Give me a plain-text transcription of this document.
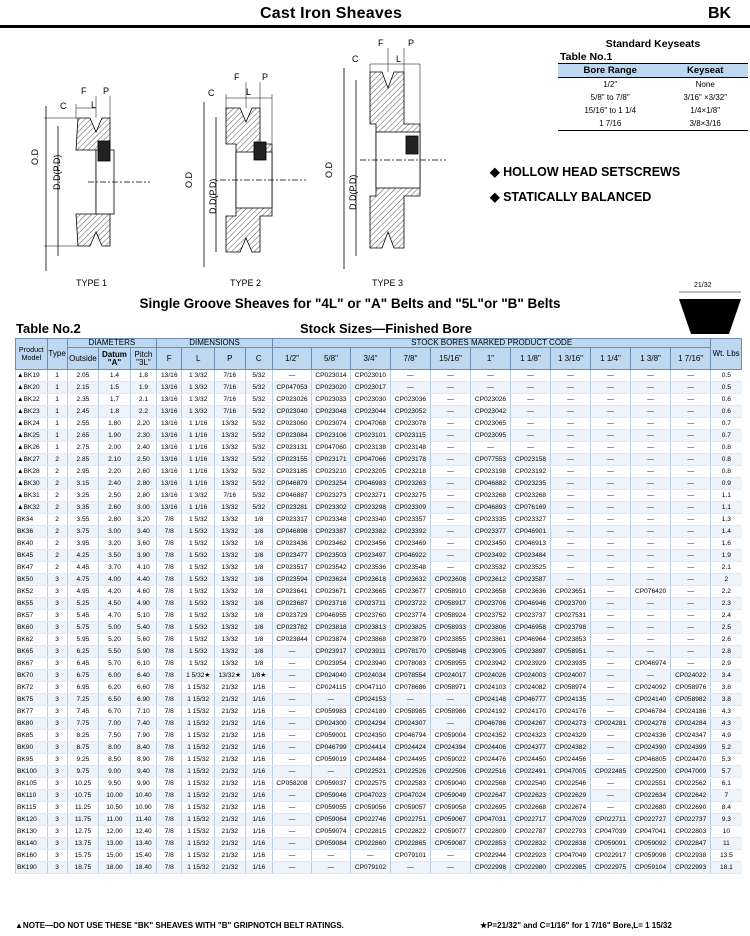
Cast Iron Sheaves	BK
C	L
F P
O.D D.D(P.D)
TYPE 1
C	L
F	P
O.D D.D(P.D)
TYPE 2
C	L
F	P
O.D
D.D(P.D)
TYPE 3
Standard Keyseats
Table No.1
Bore Range	Keyseat
1/2"	None
5/8" to 7/8"	3/16" ×3/32"
15/16" to 1 1/4	1/4×1/8"
1 7/16	3/8×3/16
◆ HOLLOW HEAD SETSCREWS
◆ STATICALLY BALANCED
Single Groove Sheaves for "4L" or "A" Belts and "5L"or "B" Belts
21/32
Table No.2	Stock Sizes—Finished Bore
Product Model	Type	DIAMETERS			DIMENSIONS				STOCK BORES MARKED PRODUCT CODE											Wt. Lbs
		Outside	Datum "A"	Pitch "3L"	F	L	P	C	1/2"	5/8"	3/4"	7/8"	15/16"	1"	1 1/8"	1 3/16"	1 1/4"	1 3/8"	1 7/16"	
▲BK19	1	2.05	1.4	1.8	13/16	1 3/32	7/16	5/32	—	CP023014	CP023010	—	—	—	—	—	—	—	—	0.5
▲BK20	1	2.15	1.5	1.9	13/16	1 3/32	7/16	5/32	CP047053	CP023020	CP023017	—	—	—	—	—	—	—	—	0.5
▲BK22	1	2.35	1.7	2.1	13/16	1 3/32	7/16	5/32	CP023026	CP023033	CP023030	CP023036	—	CP023026	—	—	—	—	—	0.6
▲BK23	1	2.45	1.8	2.2	13/16	1 3/32	7/16	5/32	CP023040	CP023048	CP023044	CP023052	—	CP023042	—	—	—	—	—	0.6
▲BK24	1	2.55	1.80	2.20	13/16	1 1/16	13/32	5/32	CP023060	CP023074	CP047068	CP023078	—	CP023065	—	—	—	—	—	0.7
▲BK25	1	2.65	1.90	2.30	13/16	1 1/16	13/32	5/32	CP023084	CP023106	CP023101	CP023115	—	CP023095	—	—	—	—	—	0.7
▲BK26	1	2.75	2.00	2.40	13/16	1 1/16	13/32	5/32	CP023131	CP047060	CP023138	CP023148	—	—	—	—	—	—	—	0.8
▲BK27	2	2.85	2.10	2.50	13/16	1 1/16	13/32	5/32	CP023155	CP023171	CP047066	CP023178	—	CP077553	CP023158	—	—	—	—	0.8
▲BK28	2	2.95	2.20	2.60	13/16	1 1/16	13/32	5/32	CP023185	CP023210	CP023205	CP023218	—	CP023198	CP023192	—	—	—	—	0.8
▲BK30	2	3.15	2.40	2.80	13/16	1 1/16	13/32	5/32	CP046879	CP023254	CP046983	CP023263	—	CP046882	CP023235	—	—	—	—	0.9
▲BK31	2	3.25	2.50	2.80	13/16	1 3/32	7/16	5/32	CP046887	CP023273	CP023271	CP023275	—	CP023268	CP023268	—	—	—	—	1.1
▲BK32	2	3.35	2.60	3.00	13/16	1 1/16	13/32	5/32	CP023281	CP023302	CP023298	CP023309	—	CP046893	CP076169	—	—	—	—	1.1
BK34	2	3.55	2.80	3.20	7/8	1 5/32	13/32	1/8	CP023317	CP023348	CP023340	CP023357	—	CP023335	CP023327	—	—	—	—	1.3
BK36	2	3.75	3.00	3.40	7/8	1 5/32	13/32	1/8	CP046898	CP023387	CP023382	CP023392	—	CP023377	CP046901	—	—	—	—	1.4
BK40	2	3.95	3.20	3.60	7/8	1 5/32	13/32	1/8	CP023436	CP023462	CP023456	CP023469	—	CP023450	CP046913	—	—	—	—	1.6
BK45	2	4.25	3.50	3.90	7/8	1 5/32	13/32	1/8	CP023477	CP023503	CP023497	CP046922	—	CP023492	CP023484	—	—	—	—	1.9
BK47	2	4.45	3.70	4.10	7/8	1 5/32	13/32	1/8	CP023517	CP023542	CP023536	CP023548	—	CP023532	CP023525	—	—	—	—	2.1
BK50	3	4.75	4.00	4.40	7/8	1 5/32	13/32	1/8	CP023594	CP023624	CP023618	CP023632	CP023608	CP023612	CP023587	—	—	—	—	2
BK52	3	4.95	4.20	4.60	7/8	1 5/32	13/32	1/8	CP023641	CP023671	CP023665	CP023677	CP058910	CP023658	CP023636	CP023651	—	CP076420	—	2.2
BK55	3	5.25	4.50	4.90	7/8	1 5/32	13/32	1/8	CP023687	CP023716	CP023711	CP023722	CP058917	CP023706	CP046946	CP023700	—	—	—	2.3
BK57	3	5.45	4.70	5.10	7/8	1 5/32	13/32	1/8	CP023729	CP046955	CP023760	CP023774	CP058924	CP023752	CP023737	CP027531	—	—	—	2.4
BK60	3	5.75	5.00	5.40	7/8	1 5/32	13/32	1/8	CP023782	CP023818	CP023813	CP023825	CP058933	CP023806	CP046958	CP023798	—	—	—	2.5
BK62	3	5.95	5.20	5.60	7/8	1 5/32	13/32	1/8	CP023844	CP023874	CP023868	CP023879	CP023855	CP023861	CP046964	CP023853	—	—	—	2.6
BK65	3	6.25	5.50	5.90	7/8	1 5/32	13/32	1/8	—	CP023917	CP023911	CP078170	CP058948	CP023905	CP023897	CP058951	—	—	—	2.8
BK67	3	6.45	5.70	6.10	7/8	1 5/32	13/32	1/8	—	CP023954	CP023940	CP078083	CP058955	CP023942	CP023929	CP023935	—	CP046974	—	2.9
BK70	3	6.75	6.00	6.40	7/8	1 5/32★	13/32★	1/8★	—	CP024040	CP024034	CP078554	CP024017	CP024026	CP024003	CP024007	—	—	CP024022	3.4
BK72	3	6.95	6.20	6.60	7/8	1 15/32	21/32	1/16	—	CP024115	CP047110	CP078686	CP058971	CP024103	CP024082	CP058974	—	CP024092	CP058976	3.8
BK75	3	7.25	6.50	6.90	7/8	1 15/32	21/32	1/16	—	—	CP024153	—	—	CP024148	CP046777	CP024135	—	CP024140	CP058982	3.8
BK77	3	7.45	6.70	7.10	7/8	1 15/32	21/32	1/16	—	CP059983	CP024189	CP058985	CP058986	CP024192	CP024170	CP024176	—	CP046784	CP024186	4.3
BK80	3	7.75	7.00	7.40	7/8	1 15/32	21/32	1/16	—	CP024300	CP024294	CP024307	—	CP046786	CP024267	CP024273	CP024281	CP024278	CP024284	4.3
BK85	3	8.25	7.50	7.90	7/8	1 15/32	21/32	1/16	—	CP059001	CP024350	CP046794	CP059004	CP024352	CP024323	CP024329	—	CP024336	CP024347	4.9
BK90	3	8.75	8.00	8.40	7/8	1 15/32	21/32	1/16	—	CP046799	CP024414	CP024424	CP024394	CP024406	CP024377	CP024382	—	CP024390	CP024399	5.2
BK95	3	9.25	8.50	8.90	7/8	1 15/32	21/32	1/16	—	CP059019	CP024484	CP024495	CP059022	CP024476	CP024450	CP024456	—	CP046805	CP024470	5.3
BK100	3	9.75	9.00	9.40	7/8	1 15/32	21/32	1/16	—	—	CP022521	CP022526	CP022506	CP022516	CP022491	CP047005	CP022485	CP022500	CP047009	5.7
BK105	3	10.25	9.50	9.90	7/8	1 15/32	21/32	1/16	CP058208	CP059037	CP022575	CP022583	CP059040	CP022568	CP022540	CP022546	—	CP022551	CP022562	6.1
BK110	3	10.75	10.00	10.40	7/8	1 15/32	21/32	1/16	—	CP059046	CP047023	CP047024	CP059049	CP022647	CP022623	CP022629	—	CP022634	CP022642	7
BK115	3	11.25	10.50	10.90	7/8	1 15/32	21/32	1/16	—	CP059055	CP059056	CP059057	CP059058	CP022695	CP022668	CP022674	—	CP022680	CP022690	8.4
BK120	3	11.75	11.00	11.40	7/8	1 15/32	21/32	1/16	—	CP059064	CP022746	CP022751	CP059067	CP047031	CP022717	CP047029	CP022711	CP022727	CP022737	9.3
BK130	3	12.75	12.00	12.40	7/8	1 15/32	21/32	1/16	—	CP059074	CP022815	CP022822	CP059077	CP022809	CP022787	CP022793	CP047039	CP047041	CP022803	10
BK140	3	13.75	13.00	13.40	7/8	1 15/32	21/32	1/16	—	CP059084	CP022860	CP022865	CP059087	CP022853	CP022832	CP022838	CP059091	CP059092	CP022847	11
BK160	3	15.75	15.00	15.40	7/8	1 15/32	21/32	1/16	—	—	—	CP079101	—	CP022944	CP022923	CP047049	CP022917	CP059098	CP022938	13.5
BK190	3	18.75	18.00	18.40	7/8	1 15/32	21/32	1/16	—	—	CP079102	—	—	CP022998	CP022980	CP022985	CP022975	CP059104	CP022993	18.1
▲NOTE—DO NOT USE THESE "BK" SHEAVES WITH "B" GRIPNOTCH BELT RATINGS.	★P=21/32" and C=1/16" for 1 7/16" Bore,L= 1 15/32
